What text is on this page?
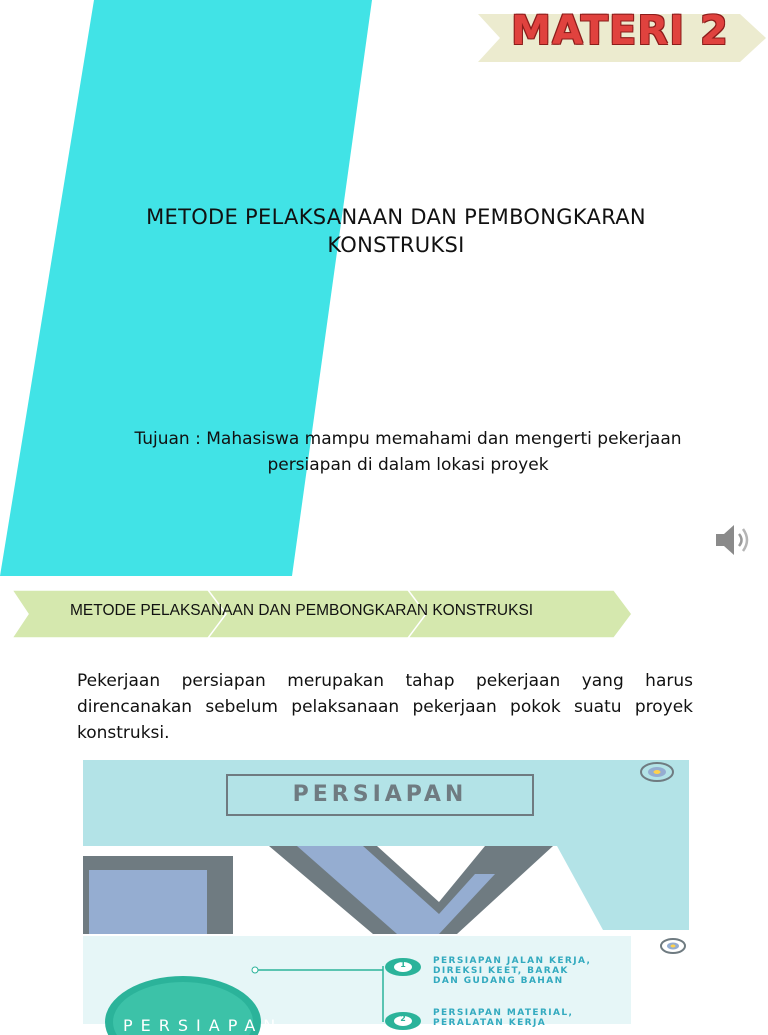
MATERI 2
METODE PELAKSANAAN DAN PEMBONGKARAN
KONSTRUKSI
Tujuan : Mahasiswa mampu memahami dan mengerti pekerjaan
persiapan di dalam lokasi proyek
METODE PELAKSANAAN DAN PEMBONGKARAN KONSTRUKSI
Pekerjaan persiapan merupakan tahap pekerjaan yang harus direncanakan sebelum pelaksanaan pekerjaan pokok suatu proyek konstruksi.
1
2
PERSIAPAN
PERSIAPAN
PERSIAPAN JALAN KERJA,
DIREKSI KEET, BARAK
DAN GUDANG BAHAN
PERSIAPAN MATERIAL,
PERALATAN KERJA
